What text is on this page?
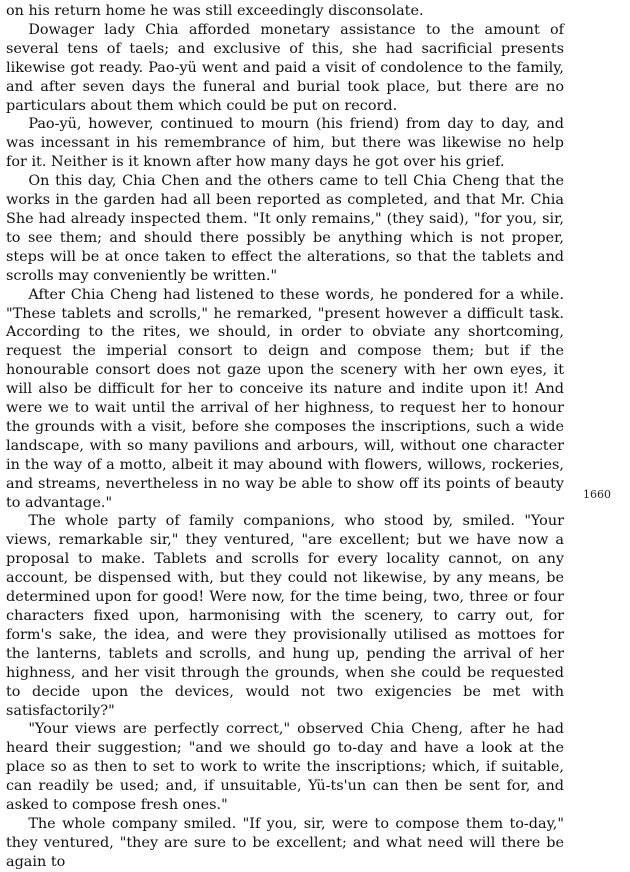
on his return home he was still exceedingly disconsolate.

Dowager lady Chia afforded monetary assistance to the amount of several tens of taels; and exclusive of this, she had sacrificial presents likewise got ready. Pao-yü went and paid a visit of condolence to the family, and after seven days the funeral and burial took place, but there are no particulars about them which could be put on record.

Pao-yü, however, continued to mourn (his friend) from day to day, and was incessant in his remembrance of him, but there was likewise no help for it. Neither is it known after how many days he got over his grief.

On this day, Chia Chen and the others came to tell Chia Cheng that the works in the garden had all been reported as completed, and that Mr. Chia She had already inspected them. "It only remains," (they said), "for you, sir, to see them; and should there possibly be anything which is not proper, steps will be at once taken to effect the alterations, so that the tablets and scrolls may conveniently be written."

After Chia Cheng had listened to these words, he pondered for a while. "These tablets and scrolls," he remarked, "present however a difficult task. According to the rites, we should, in order to obviate any shortcoming, request the imperial consort to deign and compose them; but if the honourable consort does not gaze upon the scenery with her own eyes, it will also be difficult for her to conceive its nature and indite upon it! And were we to wait until the arrival of her highness, to request her to honour the grounds with a visit, before she composes the inscriptions, such a wide landscape, with so many pavilions and arbours, will, without one character in the way of a motto, albeit it may abound with flowers, willows, rockeries, and streams, nevertheless in no way be able to show off its points of beauty to advantage."

The whole party of family companions, who stood by, smiled. "Your views, remarkable sir," they ventured, "are excellent; but we have now a proposal to make. Tablets and scrolls for every locality cannot, on any account, be dispensed with, but they could not likewise, by any means, be determined upon for good! Were now, for the time being, two, three or four characters fixed upon, harmonising with the scenery, to carry out, for form's sake, the idea, and were they provisionally utilised as mottoes for the lanterns, tablets and scrolls, and hung up, pending the arrival of her highness, and her visit through the grounds, when she could be requested to decide upon the devices, would not two exigencies be met with satisfactorily?"

"Your views are perfectly correct," observed Chia Cheng, after he had heard their suggestion; "and we should go to-day and have a look at the place so as then to set to work to write the inscriptions; which, if suitable, can readily be used; and, if unsuitable, Yü-ts'un can then be sent for, and asked to compose fresh ones."

The whole company smiled. "If you, sir, were to compose them to-day," they ventured, "they are sure to be excellent; and what need will there be again to

1660
